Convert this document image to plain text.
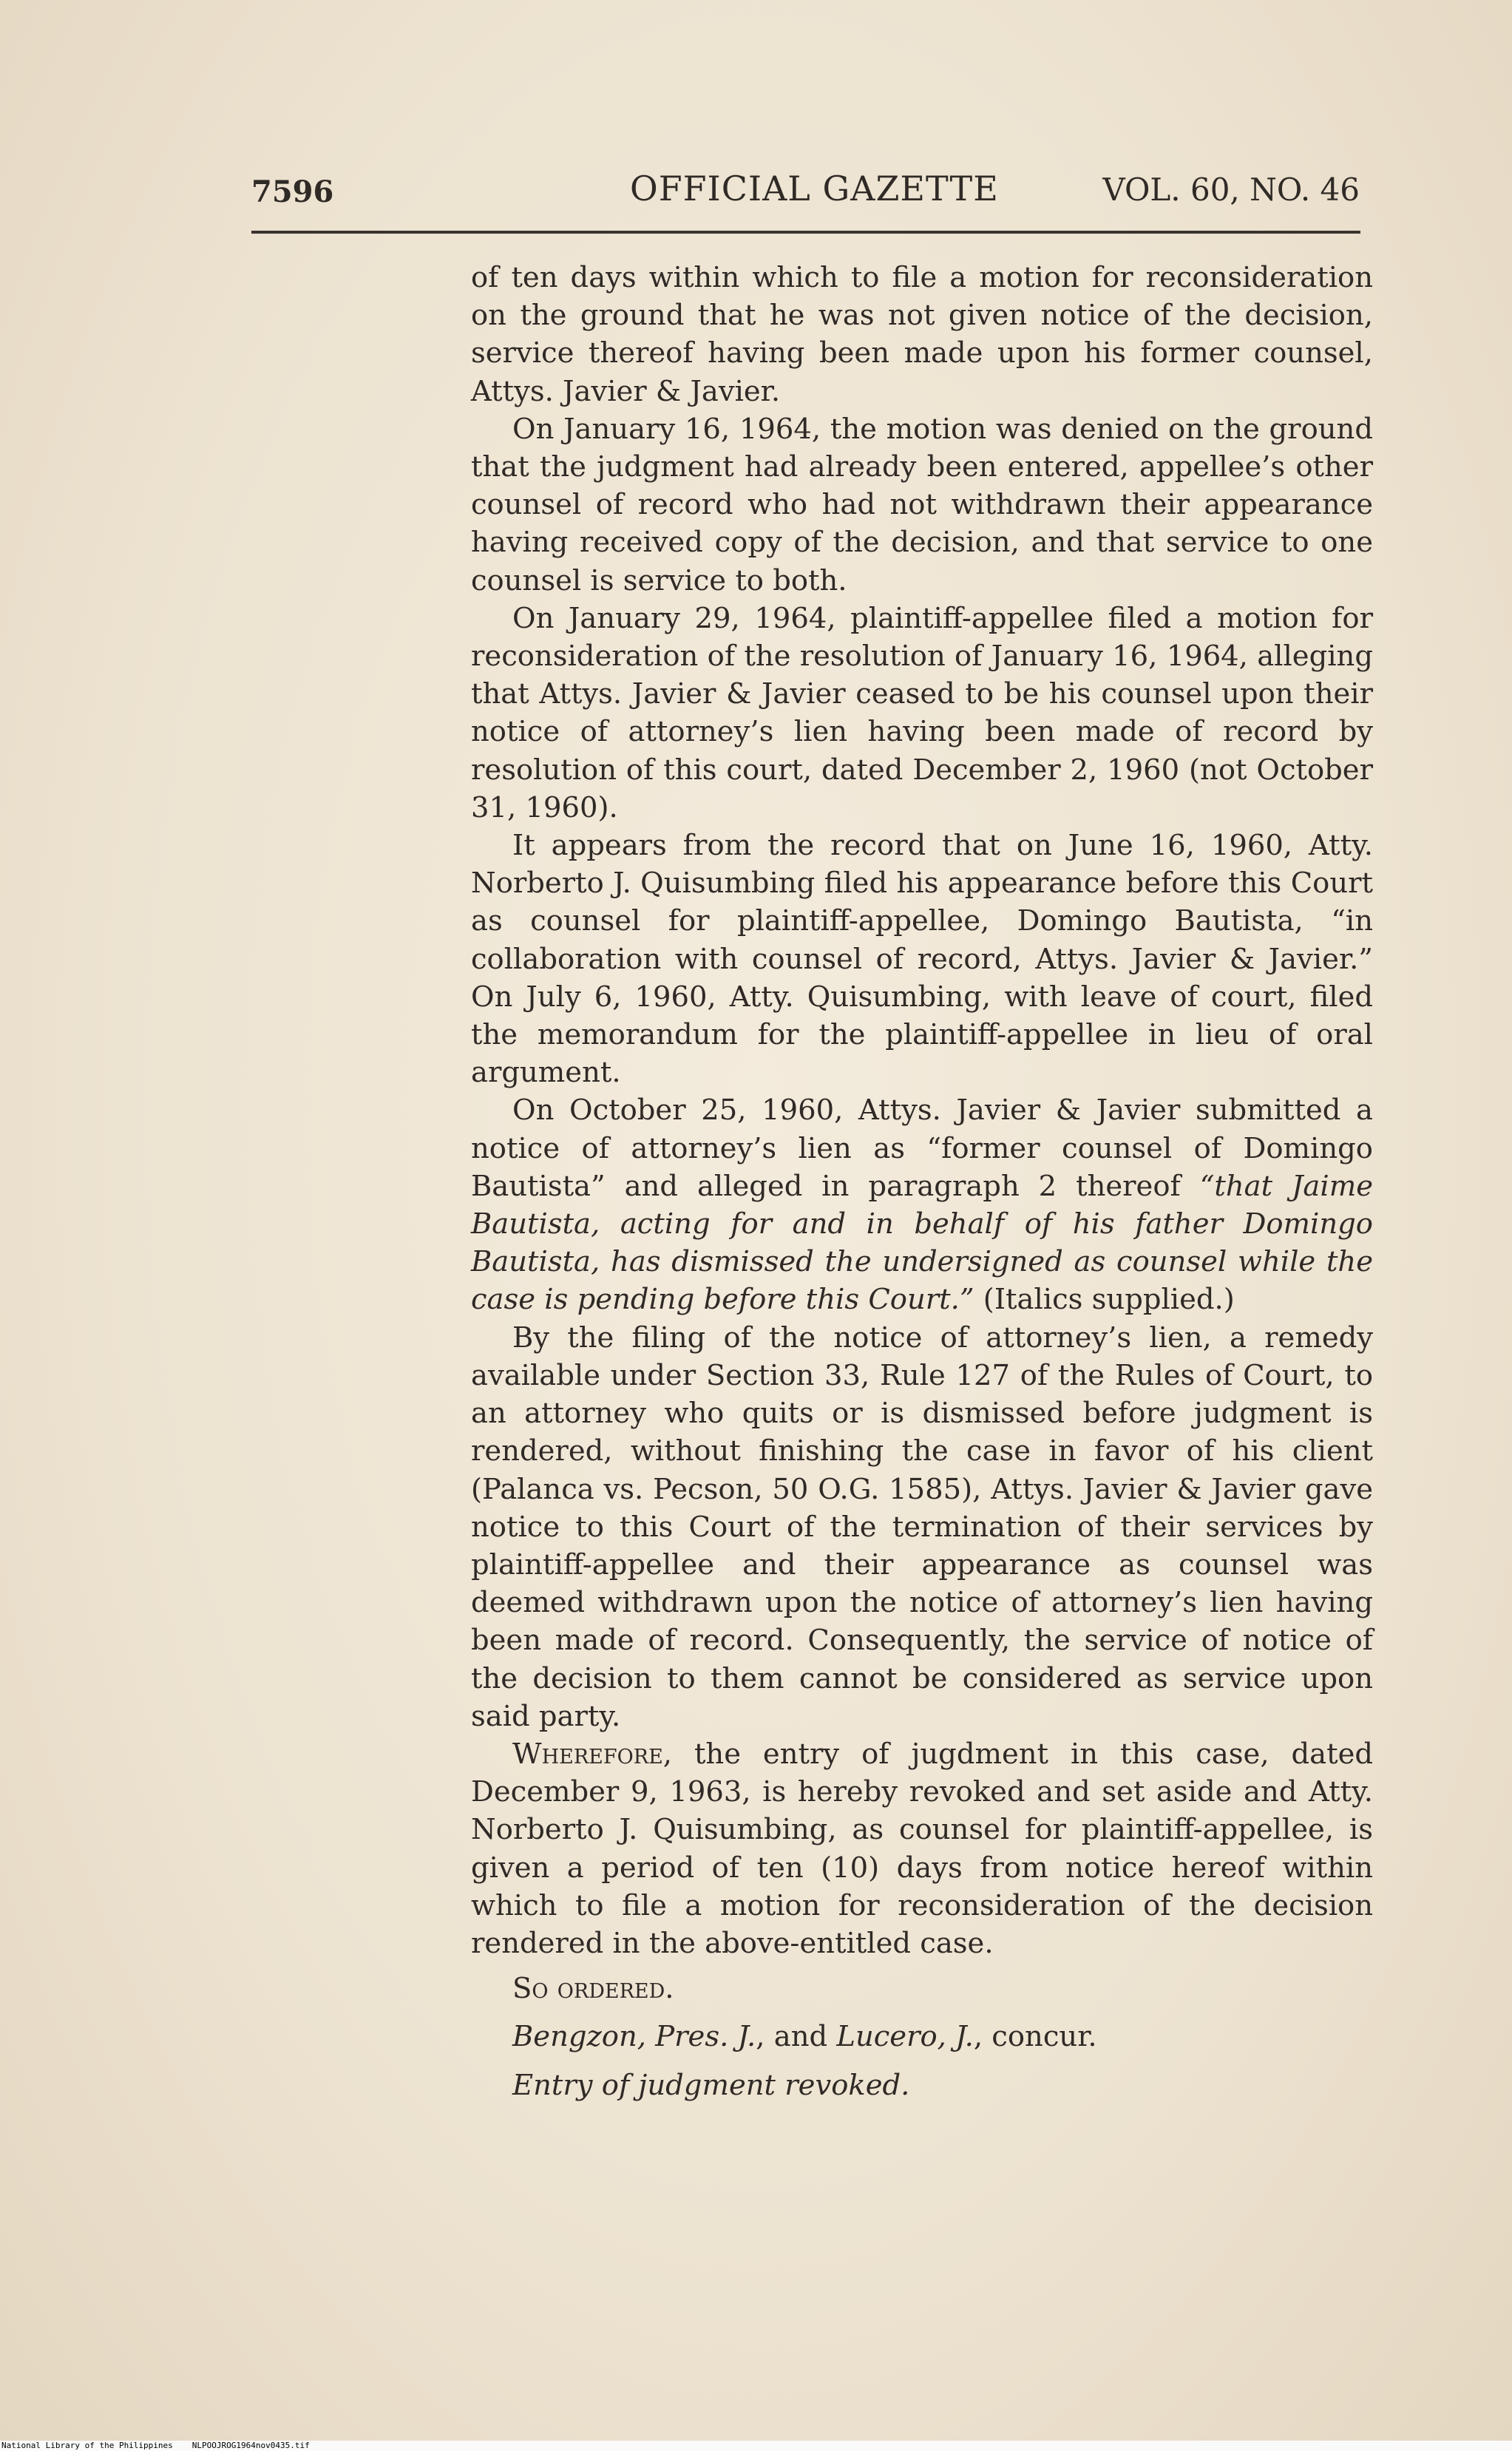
7596	OFFICIAL GAZETTE	VOL. 60, NO. 46

of ten days within which to file a motion for reconsideration on the ground that he was not given notice of the decision, service thereof having been made upon his former counsel, Attys. Javier & Javier.

On January 16, 1964, the motion was denied on the ground that the judgment had already been entered, appellee’s other counsel of record who had not withdrawn their appearance having received copy of the decision, and that service to one counsel is service to both.

On January 29, 1964, plaintiff-appellee filed a motion for reconsideration of the resolution of January 16, 1964, alleging that Attys. Javier & Javier ceased to be his counsel upon their notice of attorney’s lien having been made of record by resolution of this court, dated December 2, 1960 (not October 31, 1960).

It appears from the record that on June 16, 1960, Atty. Norberto J. Quisumbing filed his appearance before this Court as counsel for plaintiff-appellee, Domingo Bautista, “in collaboration with counsel of record, Attys. Javier & Javier.” On July 6, 1960, Atty. Quisumbing, with leave of court, filed the memorandum for the plaintiff-appellee in lieu of oral argument.

On October 25, 1960, Attys. Javier & Javier submitted a notice of attorney’s lien as “former counsel of Domingo Bautista” and alleged in paragraph 2 thereof “that Jaime Bautista, acting for and in behalf of his father Domingo Bautista, has dismissed the undersigned as counsel while the case is pending before this Court.” (Italics supplied.)

By the filing of the notice of attorney’s lien, a remedy available under Section 33, Rule 127 of the Rules of Court, to an attorney who quits or is dismissed before judgment is rendered, without finishing the case in favor of his client (Palanca vs. Pecson, 50 O.G. 1585), Attys. Javier & Javier gave notice to this Court of the termination of their services by plaintiff-appellee and their appearance as counsel was deemed withdrawn upon the notice of attorney’s lien having been made of record. Consequently, the service of notice of the decision to them cannot be considered as service upon said party.

Wherefore, the entry of jugdment in this case, dated December 9, 1963, is hereby revoked and set aside and Atty. Norberto J. Quisumbing, as counsel for plaintiff-appellee, is given a period of ten (10) days from notice hereof within which to file a motion for reconsideration of the decision rendered in the above-entitled case.

So ordered.

Bengzon, Pres. J., and Lucero, J., concur.

Entry of judgment revoked.

National Library of the Philippines NLPOOJROG1964nov0435.tif
